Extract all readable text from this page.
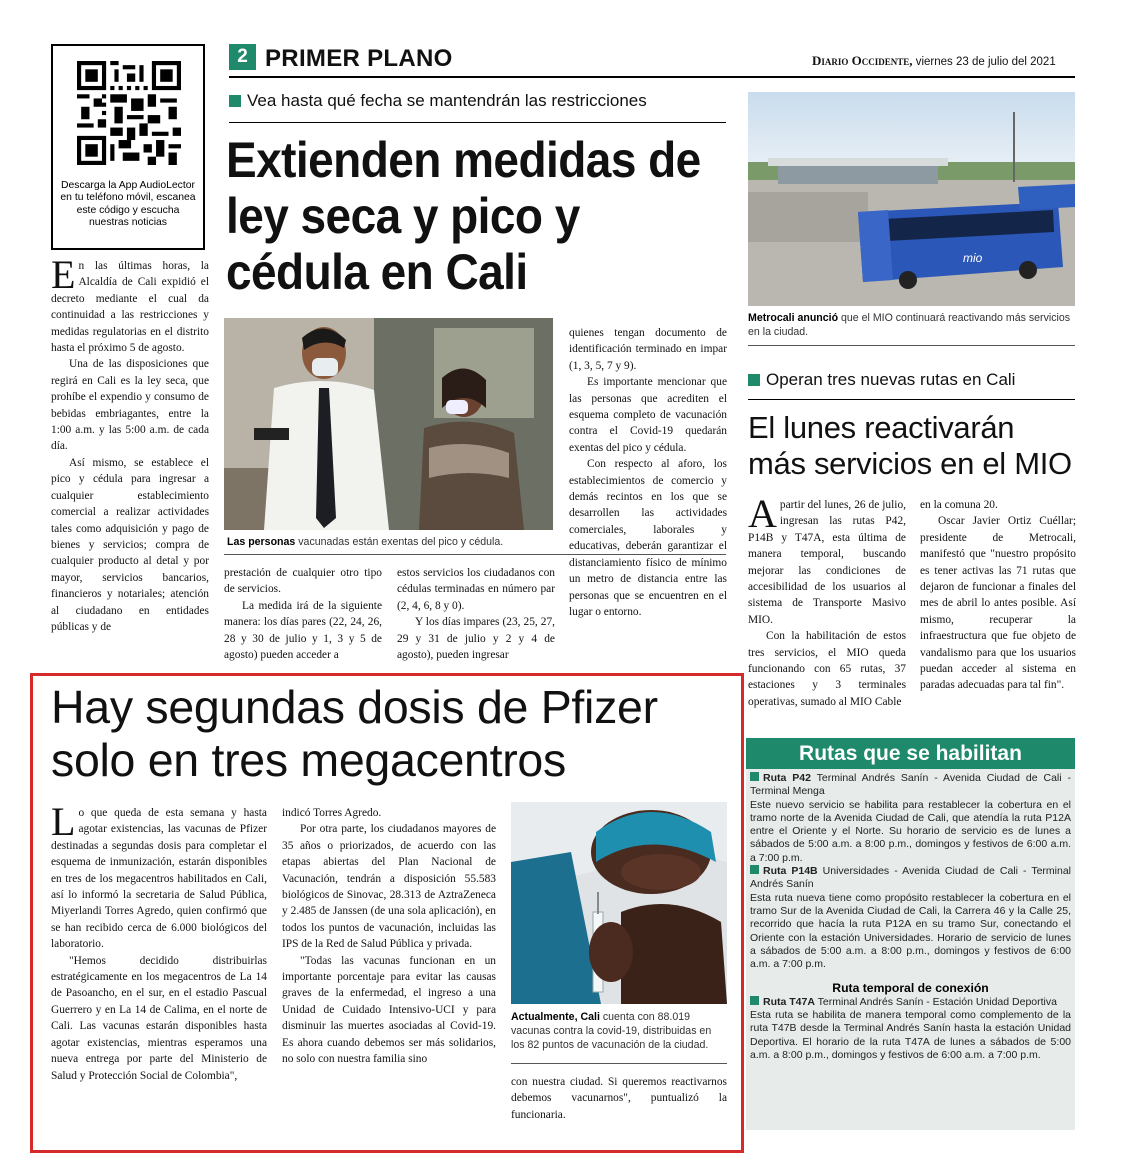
Descarga la App AudioLector en tu teléfono móvil, escanea este código y escucha nuestras noticias
2 PRIMER PLANO	Diario Occidente, viernes 23 de julio del 2021
Vea hasta qué fecha se mantendrán las restricciones
Extienden medidas de ley seca y pico y cédula en Cali

En las últimas horas, la Alcaldía de Cali expidió el decreto mediante el cual da continuidad a las restricciones y medidas regulatorias en el distrito hasta el próximo 5 de agosto.

Una de las disposiciones que regirá en Cali es la ley seca, que prohíbe el expendio y consumo de bebidas embriagantes, entre la 1:00 a.m. y las 5:00 a.m. de cada día.

Así mismo, se establece el pico y cédula para ingresar a cualquier establecimiento comercial a realizar actividades tales como adquisición y pago de bienes y servicios; compra de cualquier producto al detal y por mayor, servicios bancarios, financieros y notariales; atención al ciudadano en entidades públicas y de

Las personas vacunadas están exentas del pico y cédula.

prestación de cualquier otro tipo de servicios.

La medida irá de la siguiente manera: los días pares (22, 24, 26, 28 y 30 de julio y 1, 3 y 5 de agosto) pueden acceder a

estos servicios los ciudadanos con cédulas terminadas en número par (2, 4, 6, 8 y 0).

Y los días impares (23, 25, 27, 29 y 31 de julio y 2 y 4 de agosto), pueden ingresar

quienes tengan documento de identificación terminado en impar (1, 3, 5, 7 y 9).

Es importante mencionar que las personas que acrediten el esquema completo de vacunación contra el Covid-19 quedarán exentas del pico y cédula.

Con respecto al aforo, los establecimientos de comercio y demás recintos en los que se desarrollen las actividades comerciales, laborales y educativas, deberán garantizar el distanciamiento físico de mínimo un metro de distancia entre las personas que se encuentren en el lugar o entorno.

mio
Metrocali anunció que el MIO continuará reactivando más servicios en la ciudad.
Operan tres nuevas rutas en Cali
El lunes reactivarán más servicios en el MIO

Apartir del lunes, 26 de julio, ingresan las rutas P42, P14B y T47A, esta última de manera temporal, buscando mejorar las condiciones de accesibilidad de los usuarios al sistema de Transporte Masivo MIO.

Con la habilitación de estos tres servicios, el MIO queda funcionando con 65 rutas, 37 estaciones y 3 terminales operativas, sumado al MIO Cable

en la comuna 20.

Oscar Javier Ortiz Cuéllar; presidente de Metrocali, manifestó que "nuestro propósito es tener activas las 71 rutas que dejaron de funcionar a finales del mes de abril lo antes posible. Así mismo, recuperar la infraestructura que fue objeto de vandalismo para que los usuarios puedan acceder al sistema en paradas adecuadas para tal fin".

Rutas que se habilitan

Ruta P42 Terminal Andrés Sanín - Avenida Ciudad de Cali - Terminal Menga

Este nuevo servicio se habilita para restablecer la cobertura en el tramo norte de la Avenida Ciudad de Cali, que atendía la ruta P12A entre el Oriente y el Norte. Su horario de servicio es de lunes a sábados de 5:00 a.m. a 8:00 p.m., domingos y festivos de 6:00 a.m. a 7:00 p.m.

Ruta P14B Universidades - Avenida Ciudad de Cali - Terminal Andrés Sanín

Esta ruta nueva tiene como propósito restablecer la cobertura en el tramo Sur de la Avenida Ciudad de Cali, la Carrera 46 y la Calle 25, recorrido que hacía la ruta P12A en su tramo Sur, conectando el Oriente con la estación Universidades. Horario de servicio de lunes a sábados de 5:00 a.m. a 8:00 p.m., domingos y festivos de 6:00 a.m. a 7:00 p.m.

Ruta temporal de conexión

Ruta T47A Terminal Andrés Sanín - Estación Unidad Deportiva

Esta ruta se habilita de manera temporal como complemento de la ruta T47B desde la Terminal Andrés Sanín hasta la estación Unidad Deportiva. El horario de la ruta T47A de lunes a sábados de 5:00 a.m. a 8:00 p.m., domingos y festivos de 6:00 a.m. a 7:00 p.m.

Hay segundas dosis de Pfizer solo en tres megacentros

Lo que queda de esta semana y hasta agotar existencias, las vacunas de Pfizer destinadas a segundas dosis para completar el esquema de inmunización, estarán disponibles en tres de los megacentros habilitados en Cali, así lo informó la secretaria de Salud Pública, Miyerlandi Torres Agredo, quien confirmó que se han recibido cerca de 6.000 biológicos del laboratorio.

"Hemos decidido distribuirlas estratégicamente en los megacentros de La 14 de Pasoancho, en el sur, en el estadio Pascual Guerrero y en La 14 de Calima, en el norte de Cali. Las vacunas estarán disponibles hasta agotar existencias, mientras esperamos una nueva entrega por parte del Ministerio de Salud y Protección Social de Colombia",

indicó Torres Agredo.

Por otra parte, los ciudadanos mayores de 35 años o priorizados, de acuerdo con las etapas abiertas del Plan Nacional de Vacunación, tendrán a disposición 55.583 biológicos de Sinovac, 28.313 de AztraZeneca y 2.485 de Janssen (de una sola aplicación), en todos los puntos de vacunación, incluidas las IPS de la Red de Salud Pública y privada.

"Todas las vacunas funcionan en un importante porcentaje para evitar las causas graves de la enfermedad, el ingreso a una Unidad de Cuidado Intensivo-UCI y para disminuir las muertes asociadas al Covid-19. Es ahora cuando debemos ser más solidarios, no solo con nuestra familia sino

Actualmente, Cali cuenta con 88.019 vacunas contra la covid-19, distribuidas en los 82 puntos de vacunación de la ciudad.

con nuestra ciudad. Si queremos reactivarnos debemos vacunarnos", puntualizó la funcionaria.
